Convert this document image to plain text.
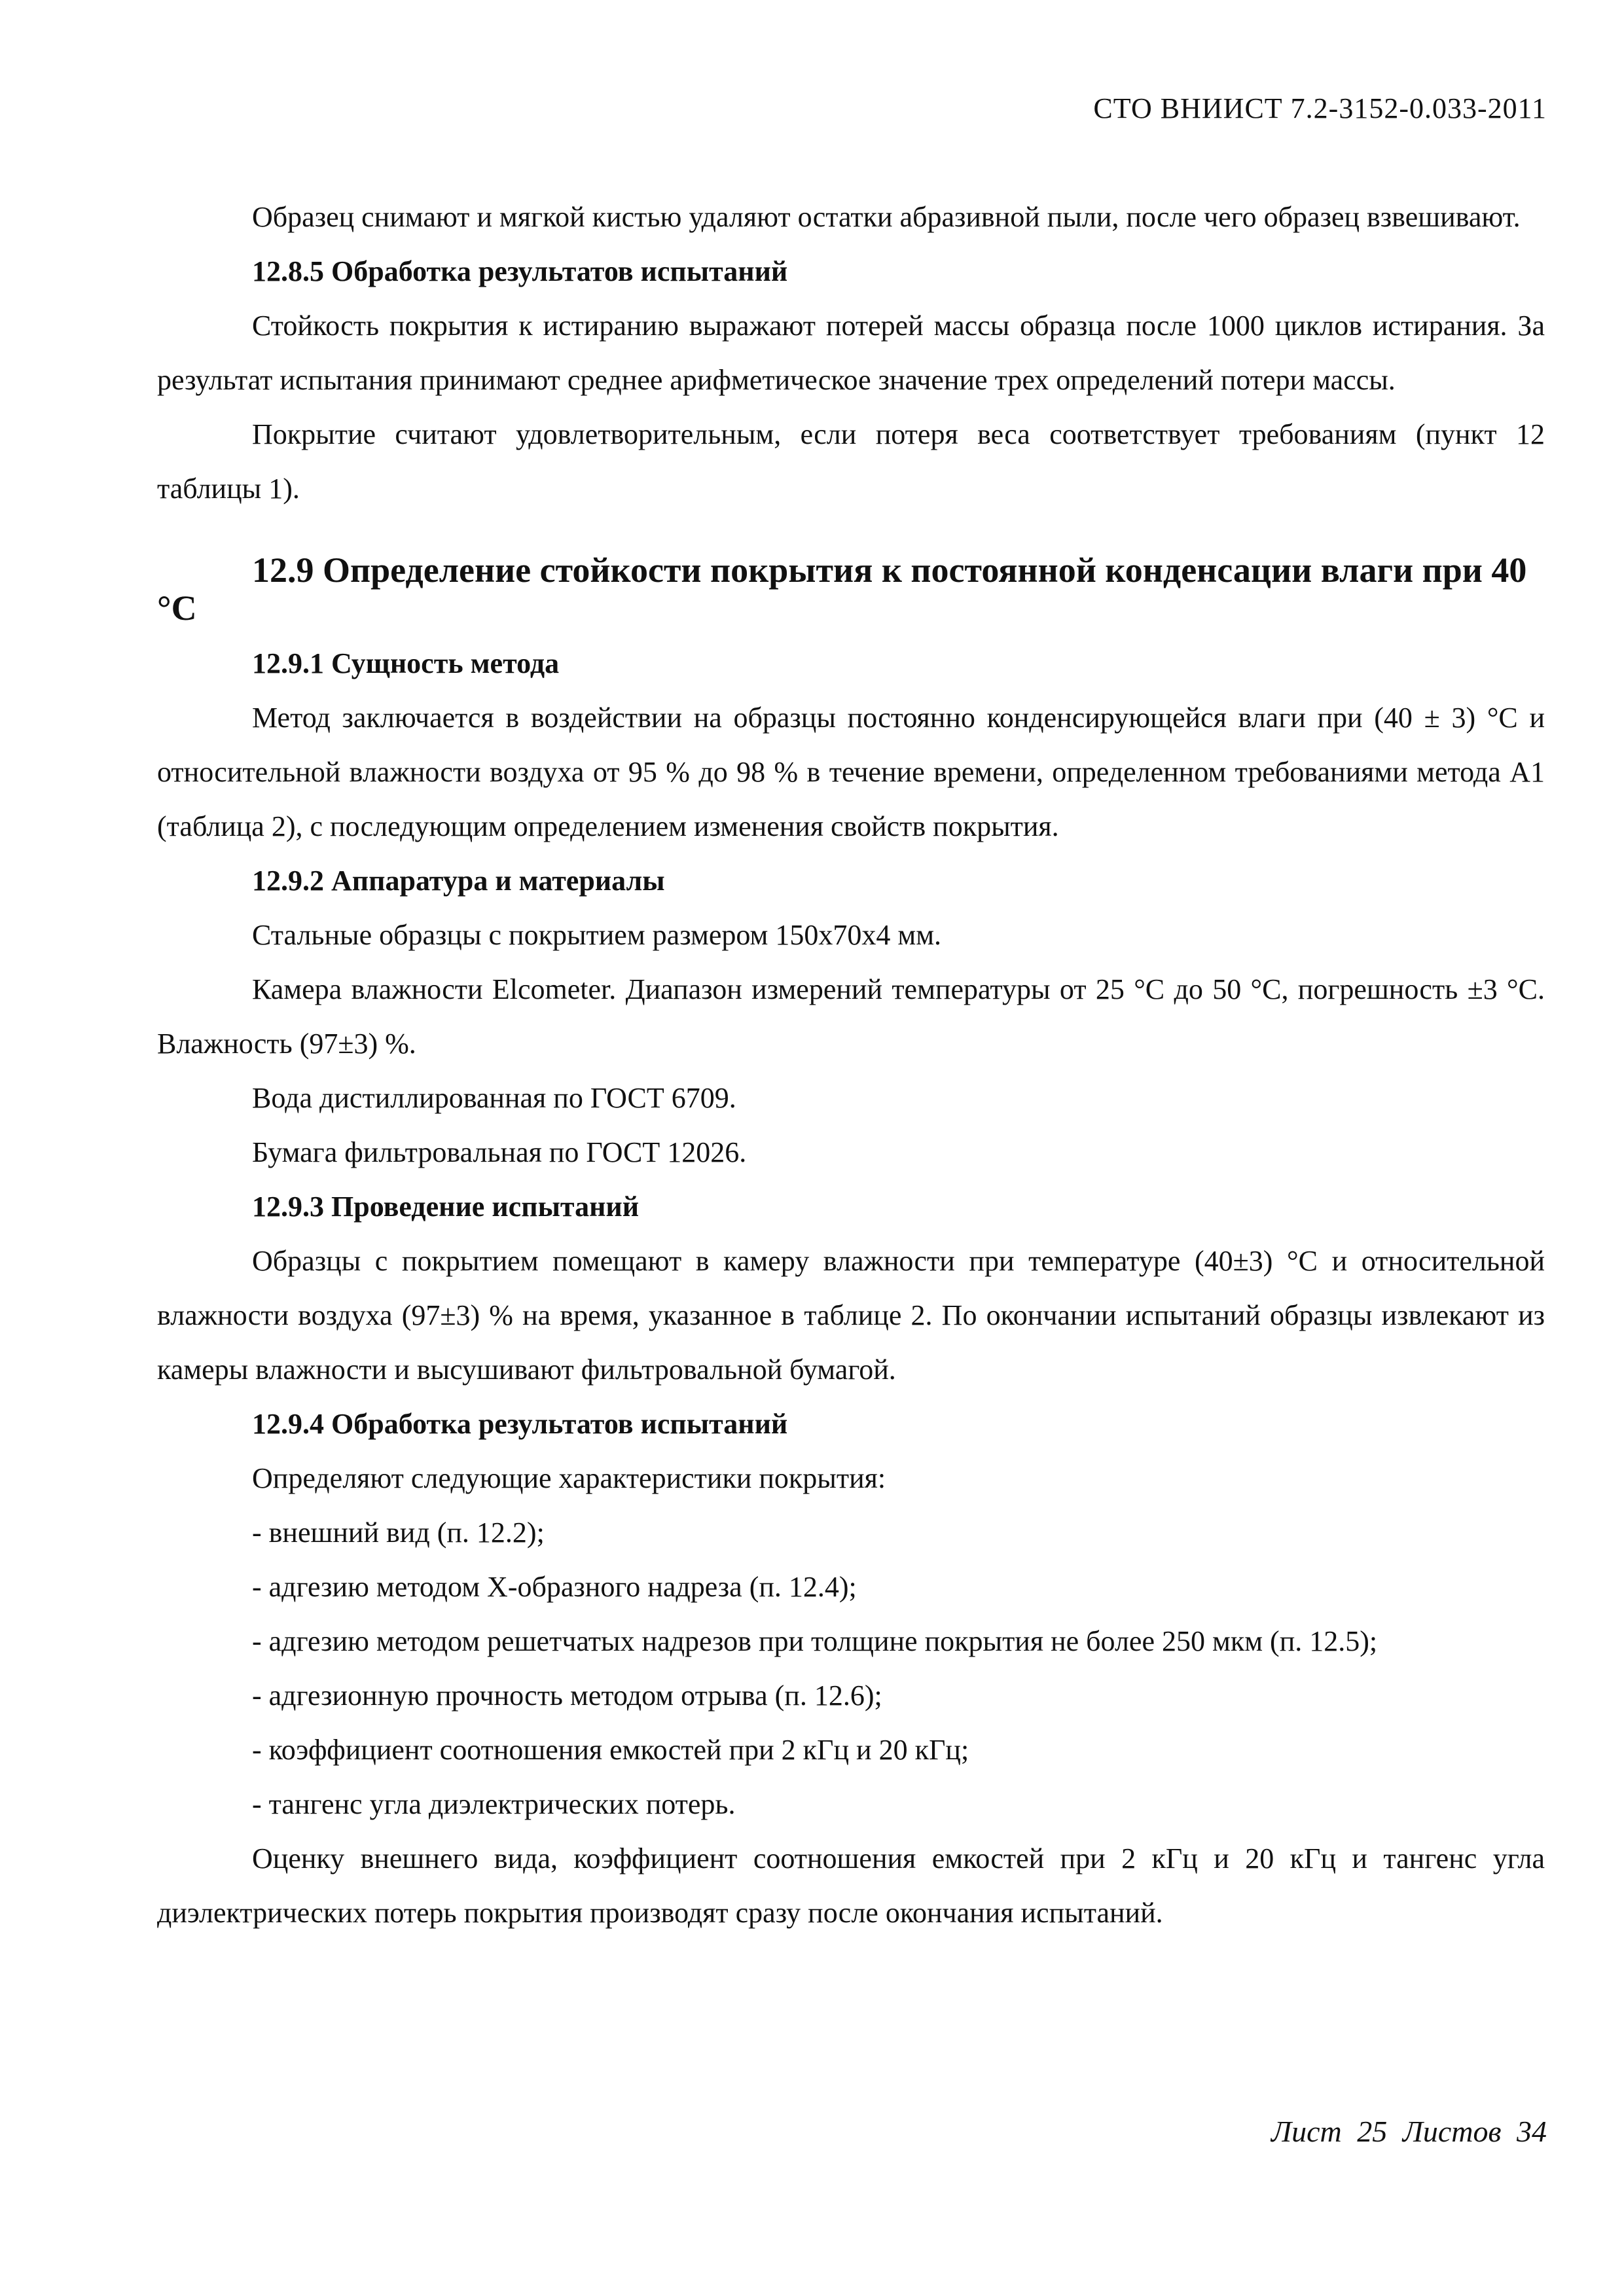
СТО ВНИИСТ 7.2-3152-0.033-2011

Образец снимают и мягкой кистью удаляют остатки абразивной пыли, после чего образец взвешивают.

12.8.5 Обработка результатов испытаний

Стойкость покрытия к истиранию выражают потерей массы образца после 1000 циклов истирания. За результат испытания принимают среднее арифметическое значение трех определений потери массы.

Покрытие считают удовлетворительным, если потеря веса соответствует требованиям (пункт 12 таблицы 1).

12.9 Определение стойкости покрытия к постоянной конденсации влаги при 40 °С

12.9.1 Сущность метода

Метод заключается в воздействии на образцы постоянно конденсирующейся влаги при (40 ± 3) °С и относительной влажности воздуха от 95 % до 98 % в течение времени, определенном требованиями метода А1 (таблица 2), с последующим определением изменения свойств покрытия.

12.9.2 Аппаратура и материалы

Стальные образцы с покрытием размером 150х70х4 мм.

Камера влажности Elcometer. Диапазон измерений температуры от 25 °С до 50 °С, погрешность ±3 °С. Влажность (97±3) %.

Вода дистиллированная по ГОСТ 6709.

Бумага фильтровальная по ГОСТ 12026.

12.9.3 Проведение испытаний

Образцы с покрытием помещают в камеру влажности при температуре (40±3) °С и относительной влажности воздуха (97±3) % на время, указанное в таблице 2. По окончании испытаний образцы извлекают из камеры влажности и высушивают фильтровальной бумагой.

12.9.4 Обработка результатов испытаний

Определяют следующие характеристики покрытия:

- внешний вид (п. 12.2);

- адгезию методом Х-образного надреза (п. 12.4);

- адгезию методом решетчатых надрезов при толщине покрытия не более 250 мкм (п. 12.5);

- адгезионную прочность методом отрыва (п. 12.6);

- коэффициент соотношения емкостей при 2 кГц и 20 кГц;

- тангенс угла диэлектрических потерь.

Оценку внешнего вида, коэффициент соотношения емкостей при 2 кГц и 20 кГц и тангенс угла диэлектрических потерь покрытия производят сразу после окончания испытаний.

Лист 25 Листов 34
